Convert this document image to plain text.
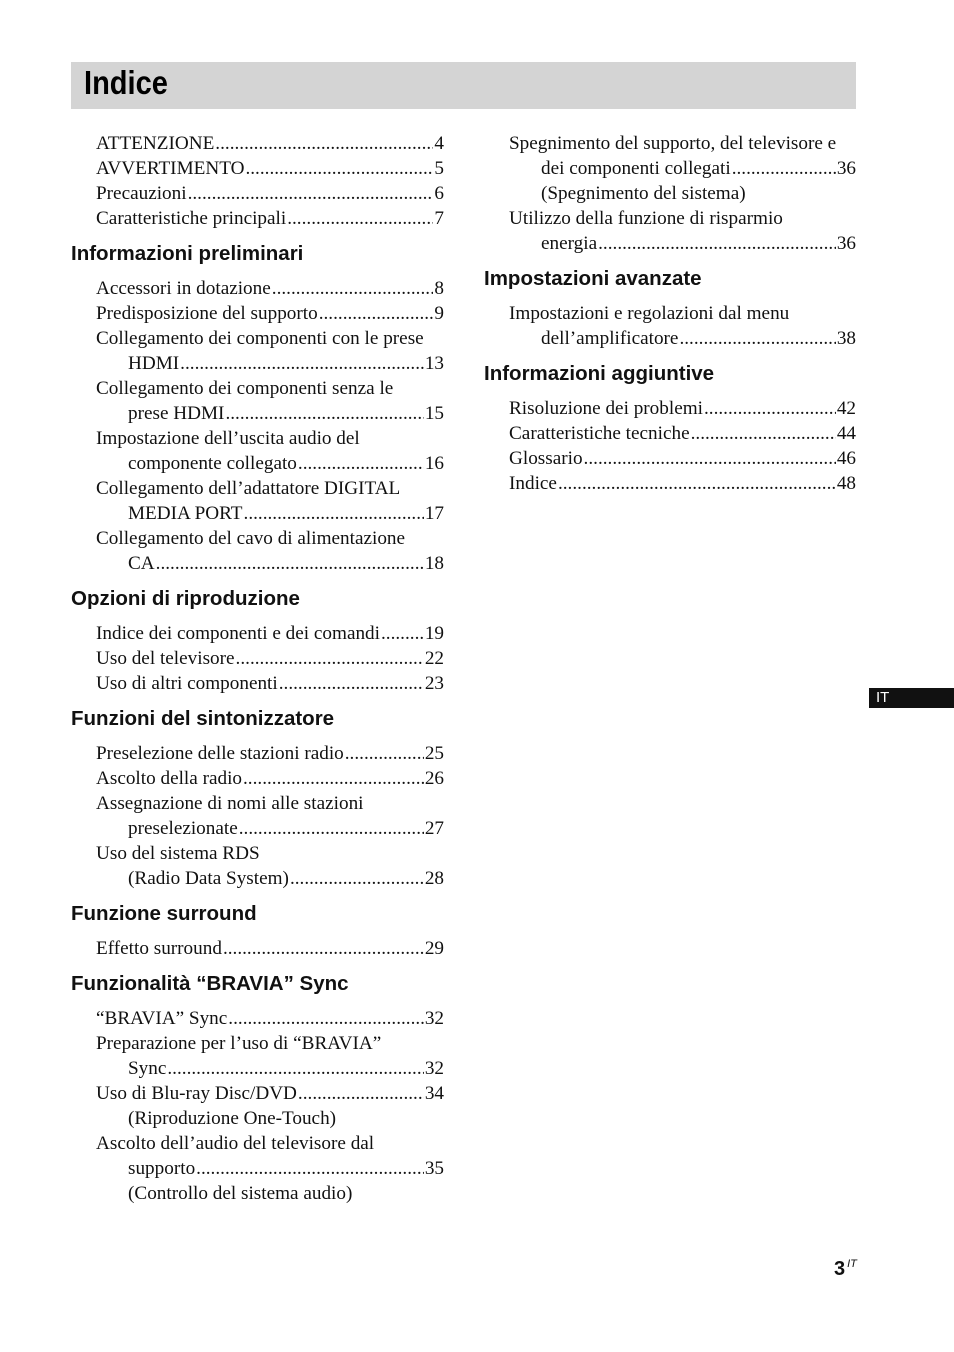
Indice
ATTENZIONE .....	4
AVVERTIMENTO .....	5
Precauzioni .....	6
Caratteristiche principali .....	7
Informazioni preliminari
Accessori in dotazione .....	8
Predisposizione del supporto .....	9
Collegamento dei componenti con le prese
HDMI .....	13
Collegamento dei componenti senza le
prese HDMI .....	15
Impostazione dell’uscita audio del
componente collegato .....	16
Collegamento dell’adattatore DIGITAL
MEDIA PORT .....	17
Collegamento del cavo di alimentazione
CA .....	18
Opzioni di riproduzione
Indice dei componenti e dei comandi ..... 19
Uso del televisore .....	22
Uso di altri componenti .....	23
Funzioni del sintonizzatore
Preselezione delle stazioni radio .....	25
Ascolto della radio .....	26
Assegnazione di nomi alle stazioni
preselezionate .....	27
Uso del sistema RDS
(Radio Data System) .....	28
Funzione surround
Effetto surround .....	29
Funzionalità “BRAVIA” Sync
“BRAVIA” Sync .....	32
Preparazione per l’uso di “BRAVIA”
Sync .....	32
Uso di Blu-ray Disc/DVD .....	34
(Riproduzione One-Touch)
Ascolto dell’audio del televisore dal
supporto .....	35
(Controllo del sistema audio)
Spegnimento del supporto, del televisore e
dei componenti collegati .....	36
(Spegnimento del sistema)
Utilizzo della funzione di risparmio
energia .....	36
Impostazioni avanzate
Impostazioni e regolazioni dal menu
dell’amplificatore .....	38
Informazioni aggiuntive
Risoluzione dei problemi .....	42
Caratteristiche tecniche .....	44
Glossario .....	46
Indice .....	48
IT
3 $^{IT}$
